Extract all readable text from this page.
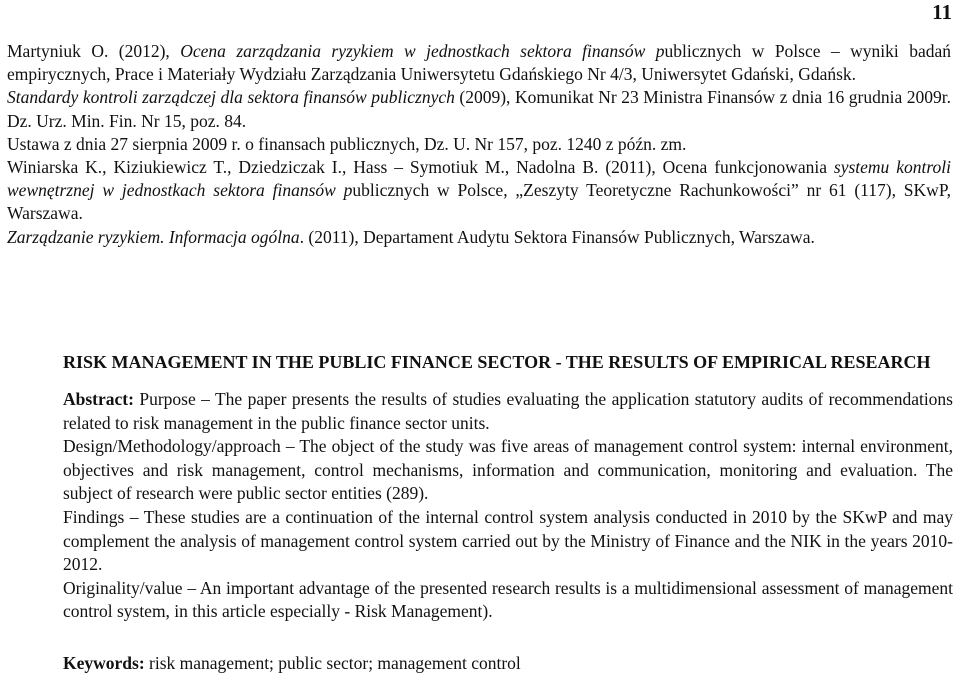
11

Martyniuk O. (2012), Ocena zarządzania ryzykiem w jednostkach sektora finansów publicznych w Polsce – wyniki badań empirycznych, Prace i Materiały Wydziału Zarządzania Uniwersytetu Gdańskiego Nr 4/3, Uniwersytet Gdański, Gdańsk.

Standardy kontroli zarządczej dla sektora finansów publicznych (2009), Komunikat Nr 23 Ministra Finansów z dnia 16 grudnia 2009r. Dz. Urz. Min. Fin. Nr 15, poz. 84.

Ustawa z dnia 27 sierpnia 2009 r. o finansach publicznych, Dz. U. Nr 157, poz. 1240 z późn. zm.

Winiarska K., Kiziukiewicz T., Dziedziczak I., Hass – Symotiuk M., Nadolna B. (2011), Ocena funkcjonowania systemu kontroli wewnętrznej w jednostkach sektora finansów publicznych w Polsce, „Zeszyty Teoretyczne Rachunkowości” nr 61 (117), SKwP, Warszawa.

Zarządzanie ryzykiem. Informacja ogólna. (2011), Departament Audytu Sektora Finansów Publicznych, Warszawa.

RISK MANAGEMENT IN THE PUBLIC FINANCE SECTOR - THE RESULTS OF EMPIRICAL RESEARCH

Abstract: Purpose – The paper presents the results of studies evaluating the application statutory audits of recommendations related to risk management in the public finance sector units.

Design/Methodology/approach – The object of the study was five areas of management control system: internal environment, objectives and risk management, control mechanisms, information and communication, monitoring and evaluation. The subject of research were public sector entities (289).

Findings – These studies are a continuation of the internal control system analysis conducted in 2010 by the SKwP and may complement the analysis of management control system carried out by the Ministry of Finance and the NIK in the years 2010-2012.

Originality/value – An important advantage of the presented research results is a multidimensional assessment of management control system, in this article especially - Risk Management).

Keywords: risk management; public sector; management control
